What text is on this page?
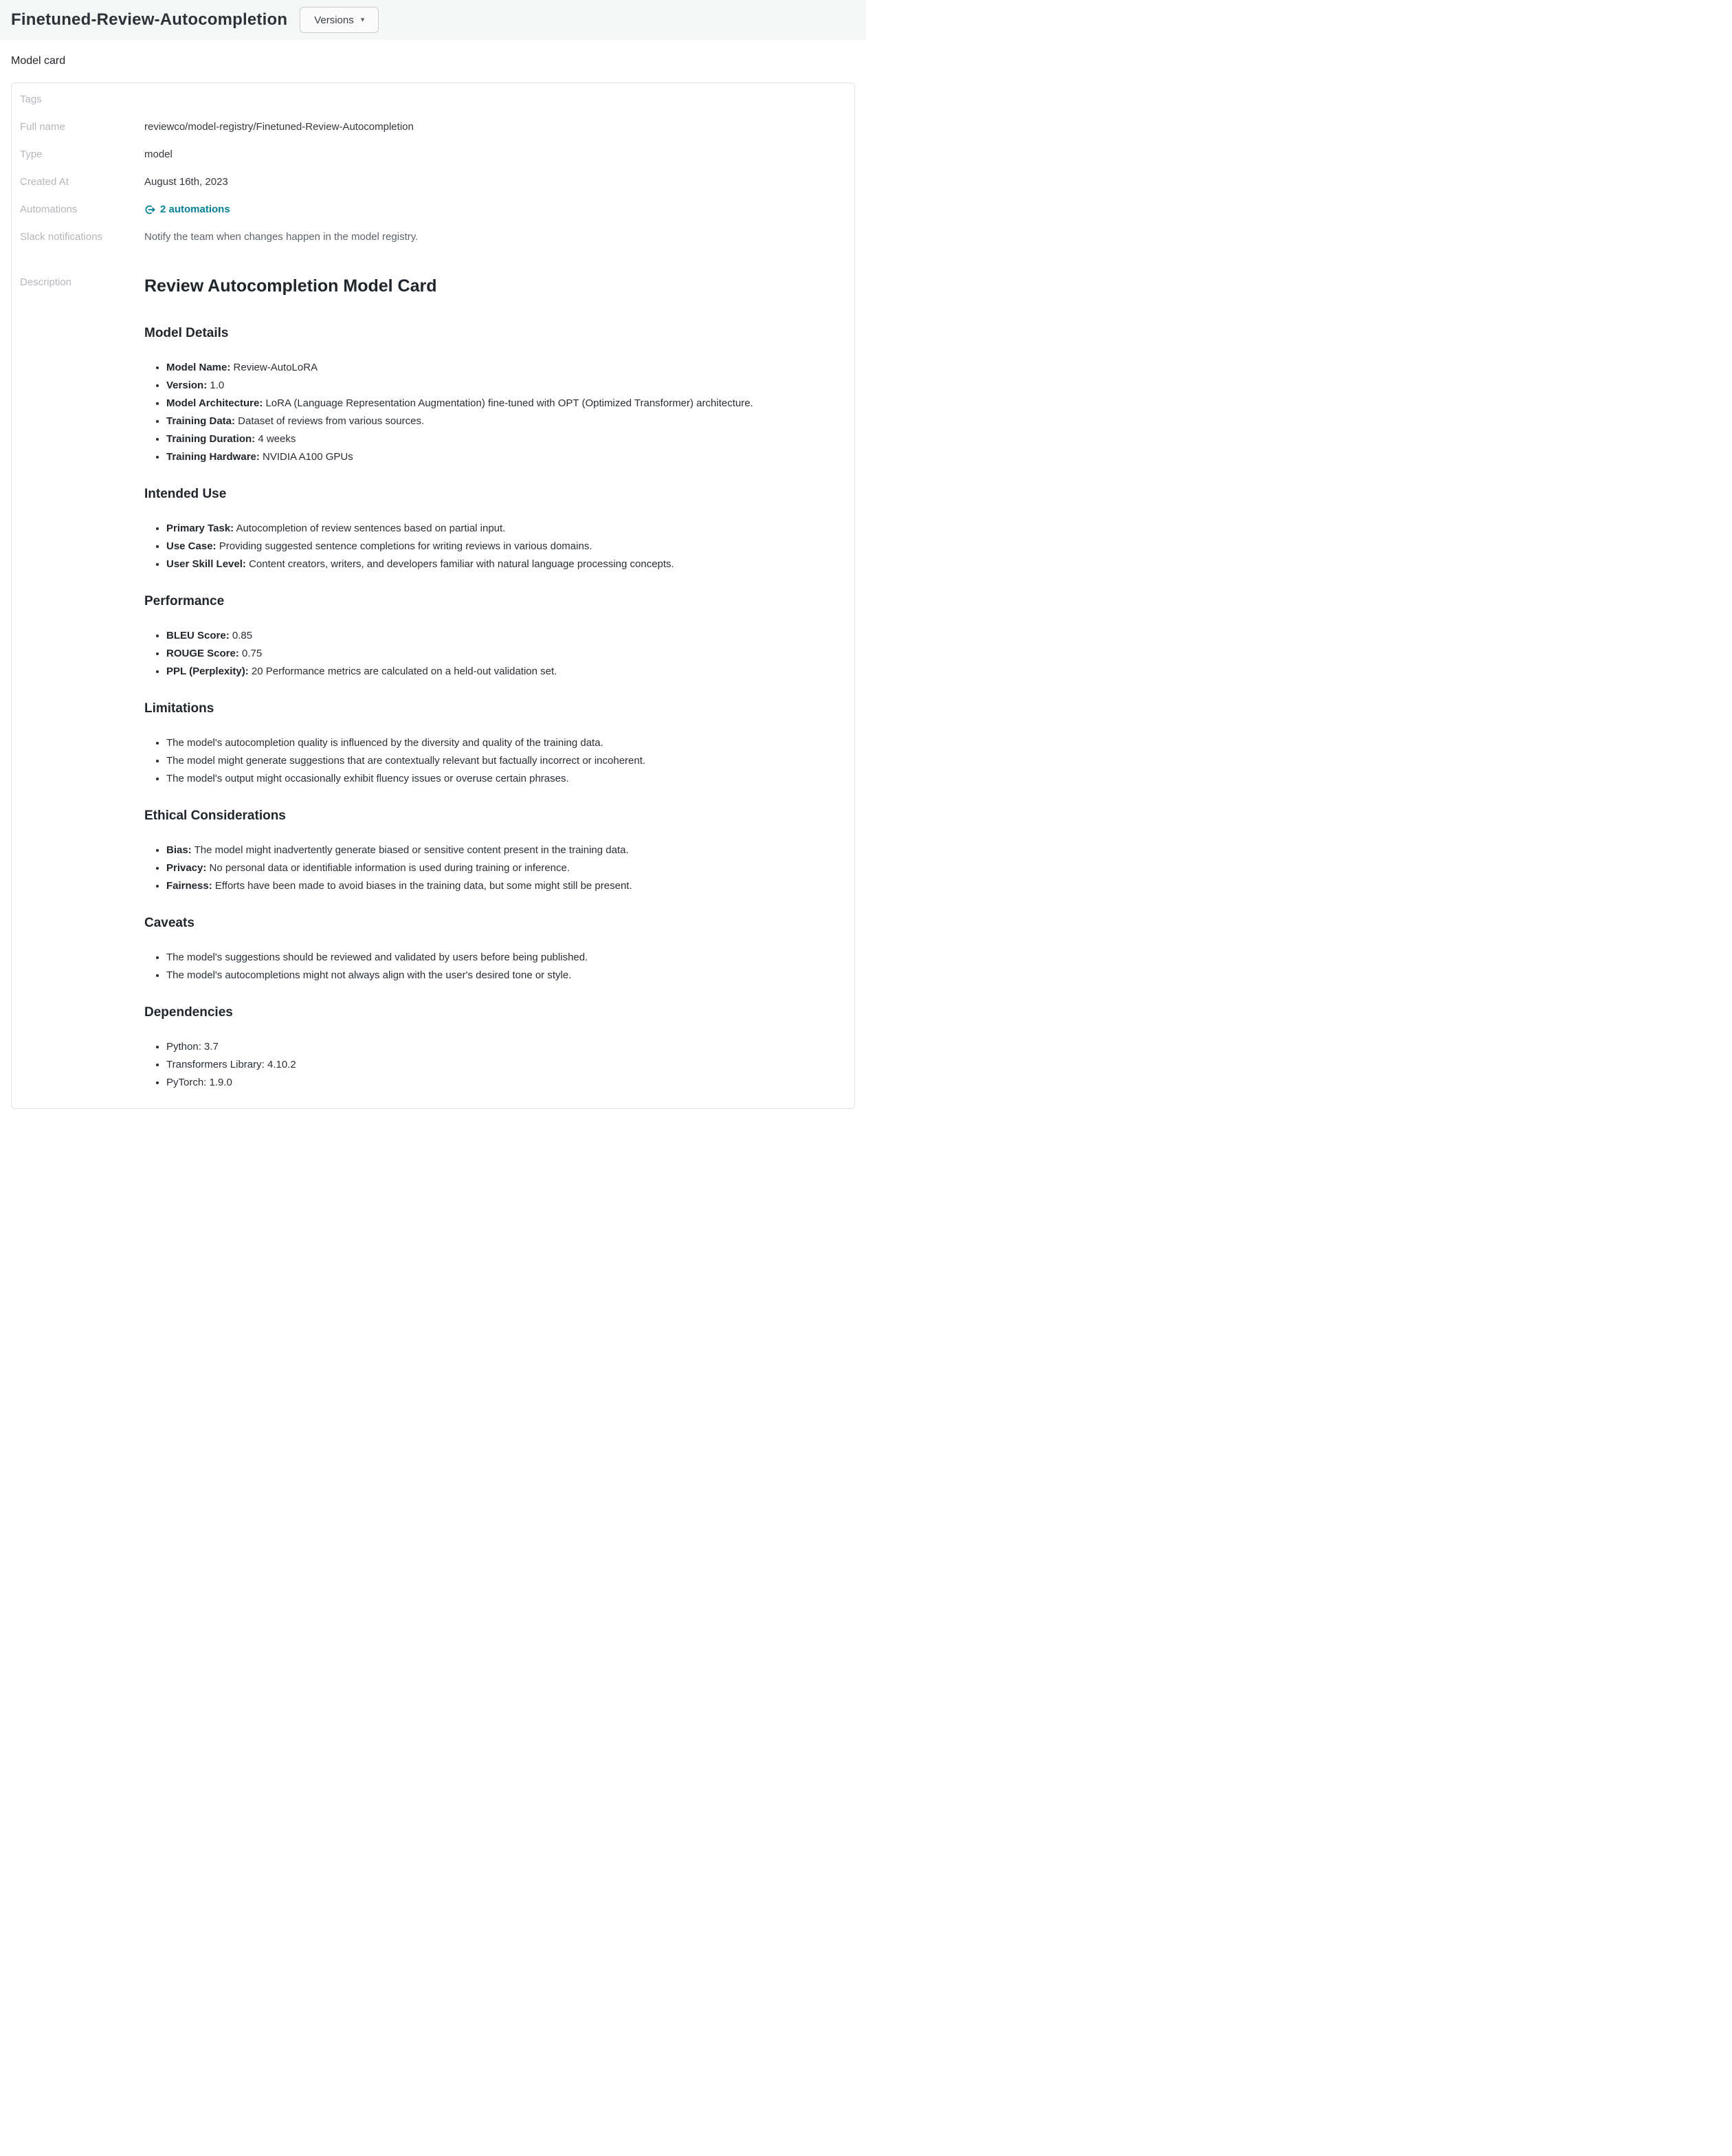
Finetuned-Review-Autocompletion	Versions ▾
Model card
Tags
Full name	reviewco/model-registry/Finetuned-Review-Autocompletion
Type	model
Created At	August 16th, 2023
Automations	2 automations
Slack notifications	Notify the team when changes happen in the model registry.
Description	Review Autocompletion Model Card
Model Details
• Model Name: Review-AutoLoRA
• Version: 1.0
• Model Architecture: LoRA (Language Representation Augmentation) fine-tuned with OPT (Optimized Transformer) architecture.
• Training Data: Dataset of reviews from various sources.
• Training Duration: 4 weeks
• Training Hardware: NVIDIA A100 GPUs
Intended Use
• Primary Task: Autocompletion of review sentences based on partial input.
• Use Case: Providing suggested sentence completions for writing reviews in various domains.
• User Skill Level: Content creators, writers, and developers familiar with natural language processing concepts.
Performance
• BLEU Score: 0.85
• ROUGE Score: 0.75
• PPL (Perplexity): 20 Performance metrics are calculated on a held-out validation set.
Limitations
• The model's autocompletion quality is influenced by the diversity and quality of the training data.
• The model might generate suggestions that are contextually relevant but factually incorrect or incoherent.
• The model's output might occasionally exhibit fluency issues or overuse certain phrases.
Ethical Considerations
• Bias: The model might inadvertently generate biased or sensitive content present in the training data.
• Privacy: No personal data or identifiable information is used during training or inference.
• Fairness: Efforts have been made to avoid biases in the training data, but some might still be present.
Caveats
• The model's suggestions should be reviewed and validated by users before being published.
• The model's autocompletions might not always align with the user's desired tone or style.
Dependencies
• Python: 3.7
• Transformers Library: 4.10.2
• PyTorch: 1.9.0
